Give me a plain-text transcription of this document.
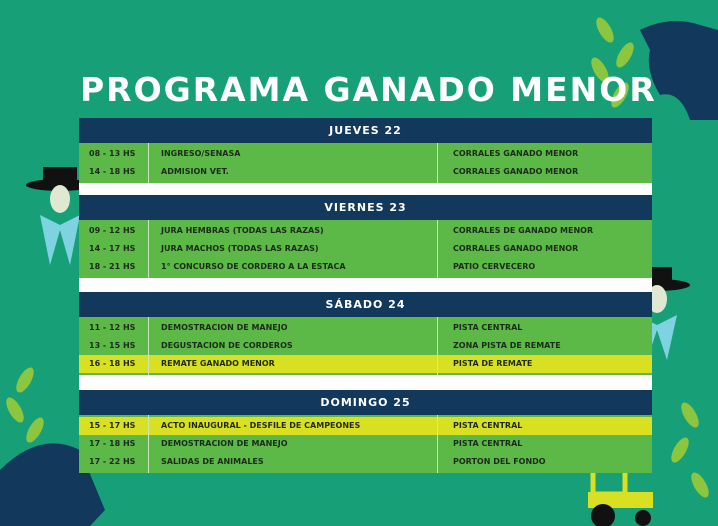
PROGRAMA GANADO MENOR
JUEVES 22
08 - 13 HS	INGRESO/SENASA	CORRALES GANADO MENOR
14 - 18 HS	ADMISION VET.	CORRALES GANADO MENOR
VIERNES 23
09 - 12 HS	JURA HEMBRAS (TODAS LAS RAZAS)	CORRALES DE GANADO MENOR
14 - 17 HS	JURA MACHOS (TODAS LAS RAZAS)	CORRALES GANADO MENOR
18 - 21 HS	1° CONCURSO DE CORDERO A LA ESTACA	PATIO CERVECERO
SÁBADO 24
11 - 12 HS	DEMOSTRACION DE MANEJO	PISTA CENTRAL
13 - 15 HS	DEGUSTACION DE CORDEROS	ZONA PISTA DE REMATE
16 - 18 HS	REMATE GANADO MENOR	PISTA DE REMATE
DOMINGO 25
15 - 17 HS	ACTO INAUGURAL - DESFILE DE CAMPEONES	PISTA CENTRAL
17 - 18 HS	DEMOSTRACION DE MANEJO	PISTA CENTRAL
17 - 22 HS	SALIDAS DE ANIMALES	PORTON DEL FONDO
